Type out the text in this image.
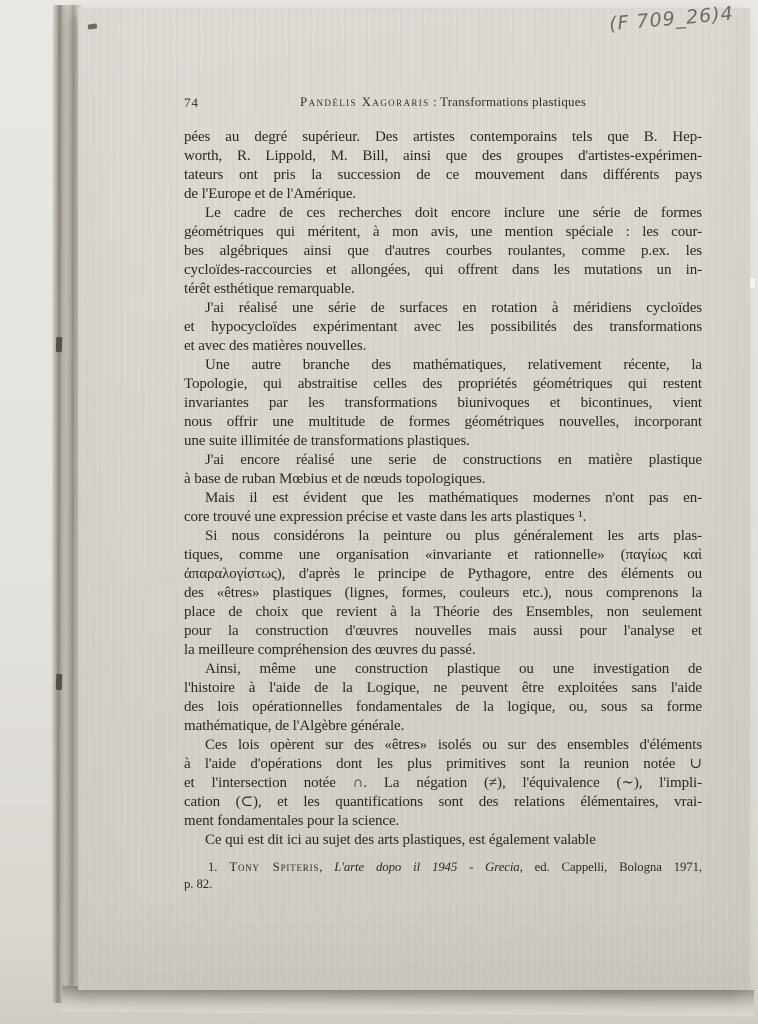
(F 709_26)4
74	Pandélis Xagoraris : Transformations plastiques
pées au degré supérieur. Des artistes contemporains tels que B. Hep-
worth, R. Lippold, M. Bill, ainsi que des groupes d'artistes-expérimen-
tateurs ont pris la succession de ce mouvement dans différents pays
de l'Europe et de l'Amérique.
Le cadre de ces recherches doit encore inclure une série de formes
géométriques qui méritent, à mon avis, une mention spéciale : les cour-
bes algébriques ainsi que d'autres courbes roulantes, comme p.ex. les
cycloïdes-raccourcies et allongées, qui offrent dans les mutations un in-
térêt esthétique remarquable.
J'ai réalisé une série de surfaces en rotation à méridiens cycloïdes
et hypocycloïdes expérimentant avec les possibilités des transformations
et avec des matières nouvelles.
Une autre branche des mathématiques, relativement récente, la
Topologie, qui abstraitise celles des propriétés géométriques qui restent
invariantes par les transformations biunivoques et bicontinues, vient
nous offrir une multitude de formes géométriques nouvelles, incorporant
une suite illimitée de transformations plastiques.
J'ai encore réalisé une serie de constructions en matière plastique
à base de ruban Mœbius et de nœuds topologiques.
Mais il est évident que les mathématiques modernes n'ont pas en-
core trouvé une expression précise et vaste dans les arts plastiques ¹.
Si nous considérons la peinture ou plus généralement les arts plas-
tiques, comme une organisation «invariante et rationnelle» (παγίως καὶ
ἀπαραλογίστως), d'après le principe de Pythagore, entre des éléments ou
des «êtres» plastiques (lignes, formes, couleurs etc.), nous comprenons la
place de choix que revient à la Théorie des Ensembles, non seulement
pour la construction d'œuvres nouvelles mais aussi pour l'analyse et
la meilleure compréhension des œuvres du passé.
Ainsi, même une construction plastique ou une investigation de
l'histoire à l'aide de la Logique, ne peuvent être exploitées sans l'aide
des lois opérationnelles fondamentales de la logique, ou, sous sa forme
mathématique, de l'Algèbre générale.
Ces lois opèrent sur des «êtres» isolés ou sur des ensembles d'éléments
à l'aide d'opérations dont les plus primitives sont la reunion notée ∪
et l'intersection notée ∩. La négation (≠), l'équivalence (∼), l'impli-
cation (⊂), et les quantifications sont des relations élémentaires, vrai-
ment fondamentales pour la science.
Ce qui est dit ici au sujet des arts plastiques, est également valable
1. Tony Spiteris, L'arte dopo il 1945 - Grecia, ed. Cappelli, Bologna 1971,
p. 82.
